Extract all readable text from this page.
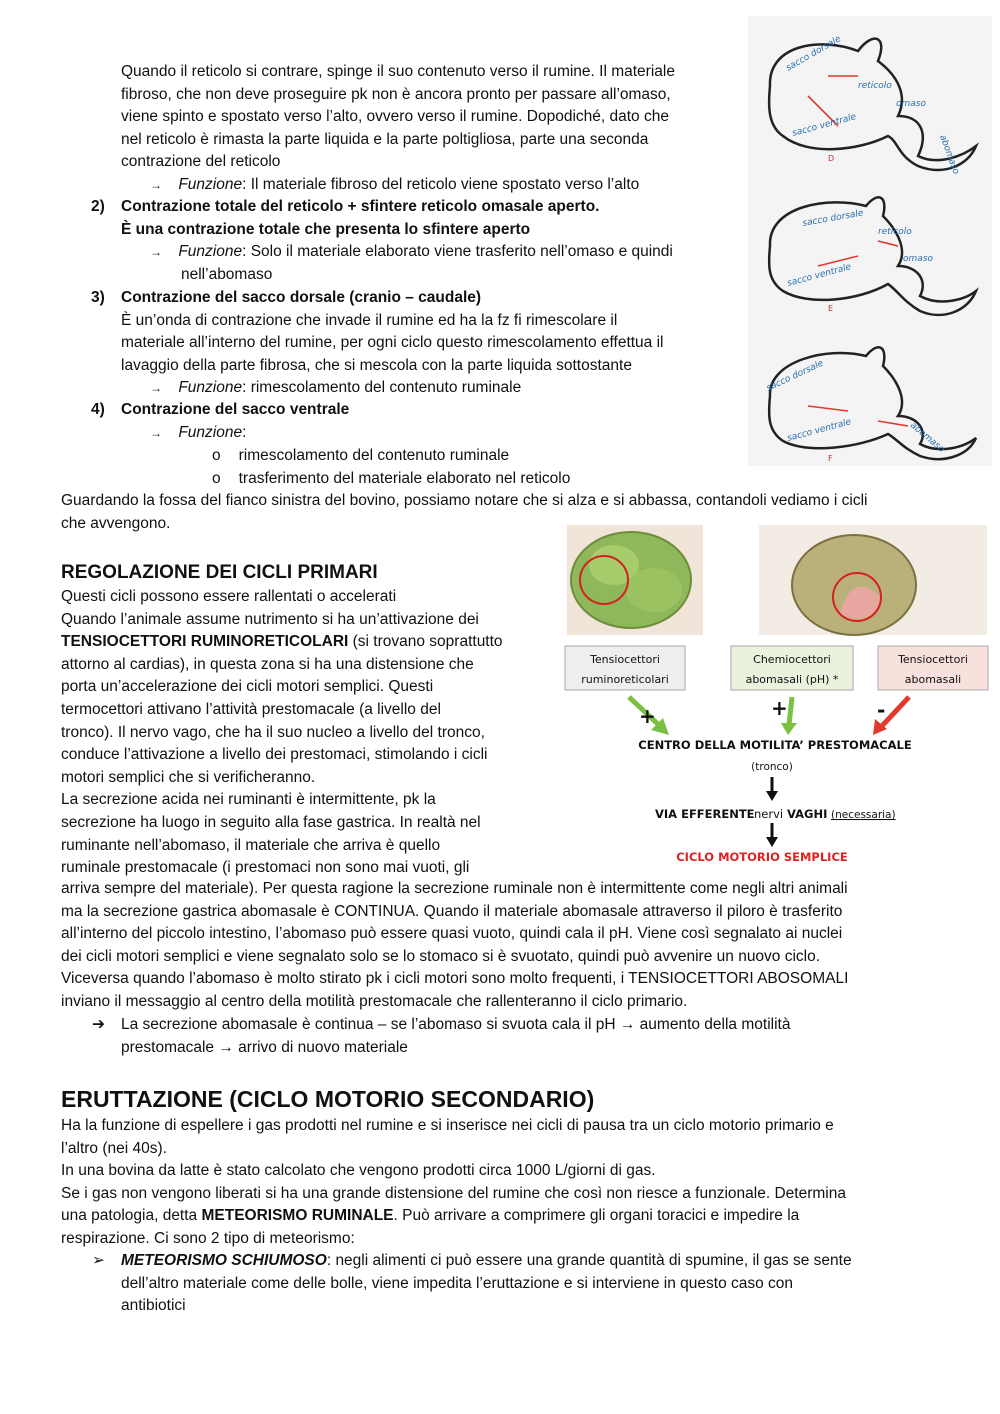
Quando il reticolo si contrare, spinge il suo contenuto verso il rumine. Il materiale

fibroso, che non deve proseguire pk non è ancora pronto per passare all’omaso,

viene spinto e spostato verso l’alto, ovvero verso il rumine. Dopodiché, dato che

nel reticolo è rimasta la parte liquida e la parte poltigliosa, parte una seconda

contrazione del reticolo

→ Funzione: Il materiale fibroso del reticolo viene spostato verso l’alto
2) Contrazione totale del reticolo + sfintere reticolo omasale aperto.

È una contrazione totale che presenta lo sfintere aperto

→ Funzione: Solo il materiale elaborato viene trasferito nell’omaso e quindi

nell’abomaso

3) Contrazione del sacco dorsale (cranio – caudale)

È un’onda di contrazione che invade il rumine ed ha la fz fi rimescolare il

materiale all’interno del rumine, per ogni ciclo questo rimescolamento effettua il

lavaggio della parte fibrosa, che si mescola con la parte liquida sottostante

→ Funzione: rimescolamento del contenuto ruminale
4) Contrazione del sacco ventrale
→ Funzione:

o rimescolamento del contenuto ruminale

o trasferimento del materiale elaborato nel reticolo

sacco dorsale
reticolo
omaso
sacco ventrale
abomaso
sacco dorsale
reticolo
omaso
sacco ventrale
sacco dorsale
sacco ventrale	abomaso
D
E
F

Guardando la fossa del fianco sinistra del bovino, possiamo notare che si alza e si abbassa, contandoli vediamo i cicli

che avvengono.

REGOLAZIONE DEI CICLI PRIMARI

Questi cicli possono essere rallentati o accelerati

Quando l’animale assume nutrimento si ha un’attivazione dei

TENSIOCETTORI RUMINORETICOLARI (si trovano soprattutto

attorno al cardias), in questa zona si ha una distensione che

porta un’accelerazione dei cicli motori semplici. Questi

termocettori attivano l’attività prestomacale (a livello del

tronco). Il nervo vago, che ha il suo nucleo a livello del tronco,

conduce l’attivazione a livello dei prestomaci, stimolando i cicli

motori semplici che si verificheranno.

La secrezione acida nei ruminanti è intermittente, pk la

secrezione ha luogo in seguito alla fase gastrica. In realtà nel

ruminante nell’abomaso, il materiale che arriva è quello

ruminale prestomacale (i prestomaci non sono mai vuoti, gli

arriva sempre del materiale). Per questa ragione la secrezione ruminale non è intermittente come negli altri animali

ma la secrezione gastrica abomasale è CONTINUA. Quando il materiale abomasale attraverso il piloro è trasferito

all’interno del piccolo intestino, l’abomaso può essere quasi vuoto, quindi cala il pH. Viene così segnalato ai nuclei

dei cicli motori semplici e viene segnalato solo se lo stomaco si è svuotato, quindi può avvenire un nuovo ciclo.

Viceversa quando l’abomaso è molto stirato pk i cicli motori sono molto frequenti, i TENSIOCETTORI ABOSOMALI

inviano il messaggio al centro della motilità prestomacale che rallenteranno il ciclo primario.

➔ La secrezione abomasale è continua – se l’abomaso si svuota cala il pH → aumento della motilità

prestomacale → arrivo di nuovo materiale

Tensiocettori
ruminoreticolari
Chemiocettori
abomasali (pH) *
Tensiocettori
abomasali
+	+	-
CENTRO DELLA MOTILITA’ PRESTOMACALE
(tronco)
VIA EFFERENTE nervi VAGHI (necessaria)
CICLO MOTORIO SEMPLICE
ERUTTAZIONE (CICLO MOTORIO SECONDARIO)

Ha la funzione di espellere i gas prodotti nel rumine e si inserisce nei cicli di pausa tra un ciclo motorio primario e

l’altro (nei 40s).

In una bovina da latte è stato calcolato che vengono prodotti circa 1000 L/giorni di gas.

Se i gas non vengono liberati si ha una grande distensione del rumine che così non riesce a funzionale. Determina

una patologia, detta METEORISMO RUMINALE. Può arrivare a comprimere gli organi toracici e impedire la

respirazione. Ci sono 2 tipo di meteorismo:

➢ METEORISMO SCHIUMOSO: negli alimenti ci può essere una grande quantità di spumine, il gas se sente

dell’altro materiale come delle bolle, viene impedita l’eruttazione e si interviene in questo caso con

antibiotici
